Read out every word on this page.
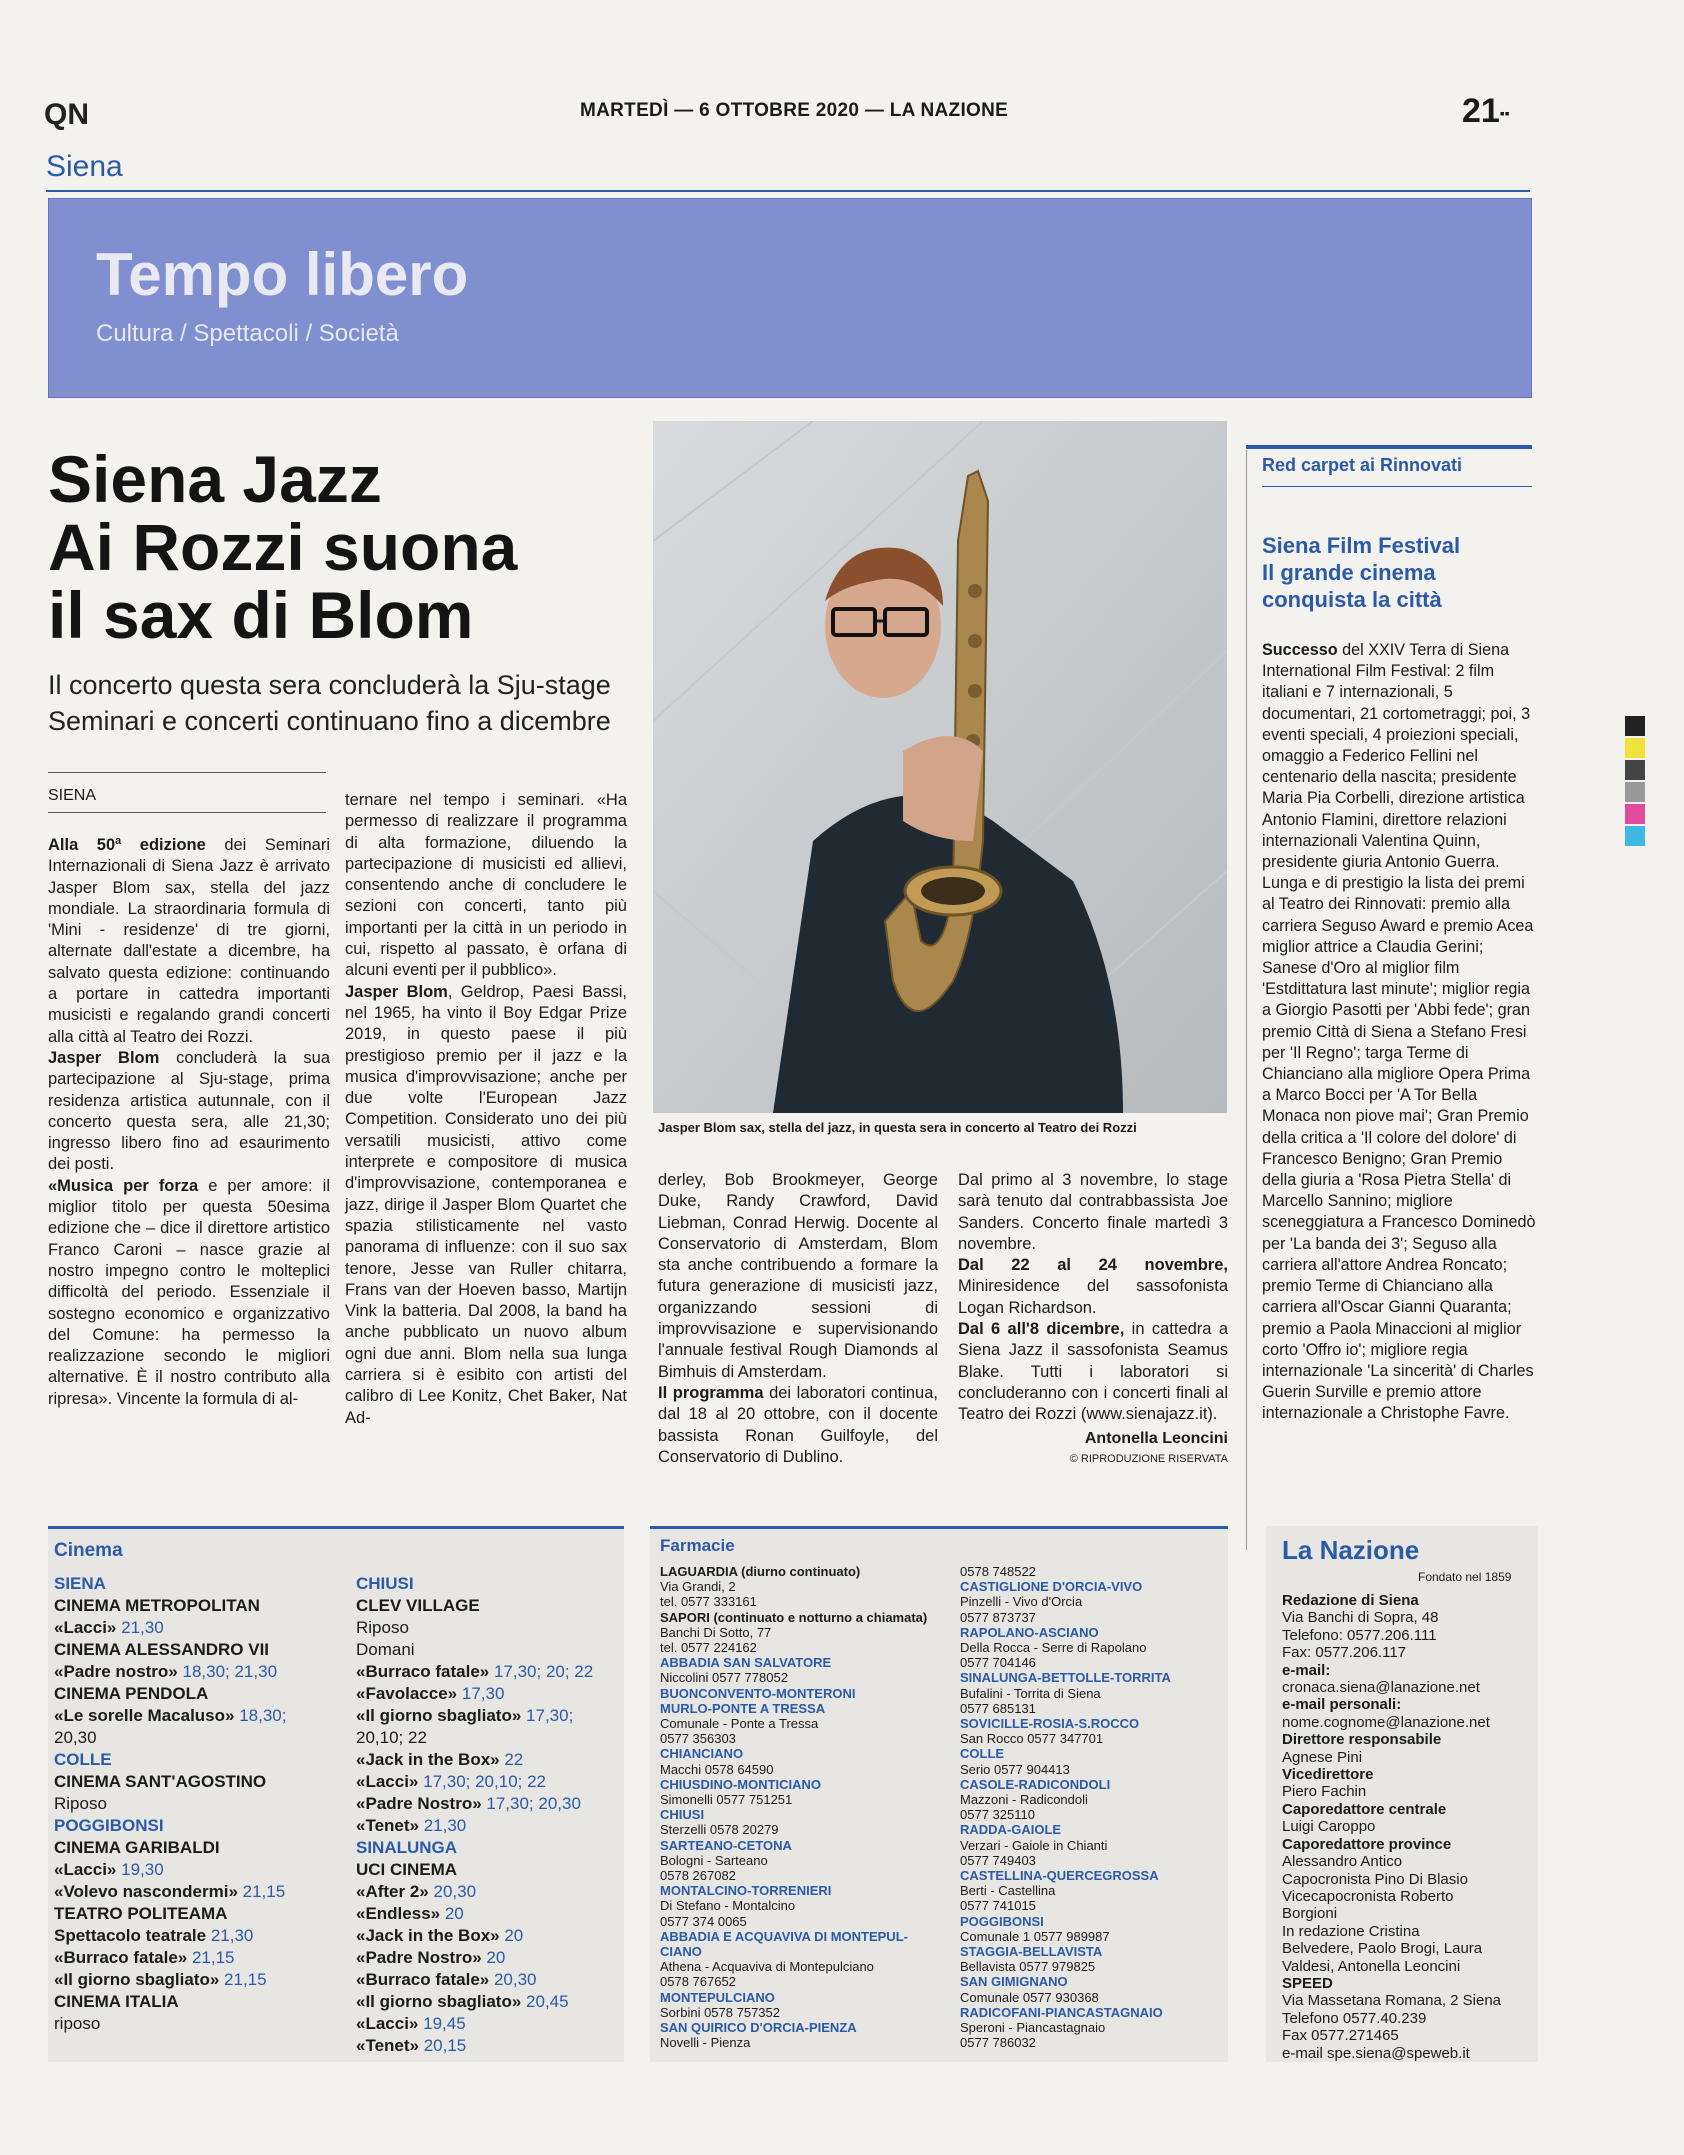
QN	MARTEDÌ — 6 OTTOBRE 2020 — LA NAZIONE	21▪▪
Siena
Tempo libero
Cultura / Spettacoli / Società
Siena Jazz
Ai Rozzi suona
il sax di Blom
Il concerto questa sera concluderà la Sju-stage
Seminari e concerti continuano fino a dicembre
SIENA

Alla 50ª edizione dei Seminari Internazionali di Siena Jazz è arrivato Jasper Blom sax, stella del jazz mondiale. La straordinaria formula di 'Mini - residenze' di tre giorni, alternate dall'estate a dicembre, ha salvato questa edizione: continuando a portare in cattedra importanti musicisti e regalando grandi concerti alla città al Teatro dei Rozzi.

Jasper Blom concluderà la sua partecipazione al Sju-stage, prima residenza artistica autunnale, con il concerto questa sera, alle 21,30; ingresso libero fino ad esaurimento dei posti.

«Musica per forza e per amore: il miglior titolo per questa 50esima edizione che – dice il direttore artistico Franco Caroni – nasce grazie al nostro impegno contro le molteplici difficoltà del periodo. Essenziale il sostegno economico e organizzativo del Comune: ha permesso la realizzazione secondo le migliori alternative. È il nostro contributo alla ripresa». Vincente la formula di al-

ternare nel tempo i seminari. «Ha permesso di realizzare il programma di alta formazione, diluendo la partecipazione di musicisti ed allievi, consentendo anche di concludere le sezioni con concerti, tanto più importanti per la città in un periodo in cui, rispetto al passato, è orfana di alcuni eventi per il pubblico».

Jasper Blom, Geldrop, Paesi Bassi, nel 1965, ha vinto il Boy Edgar Prize 2019, in questo paese il più prestigioso premio per il jazz e la musica d'improvvisazione; anche per due volte l'European Jazz Competition. Considerato uno dei più versatili musicisti, attivo come interprete e compositore di musica d'improvvisazione, contemporanea e jazz, dirige il Jasper Blom Quartet che spazia stilisticamente nel vasto panorama di influenze: con il suo sax tenore, Jesse van Ruller chitarra, Frans van der Hoeven basso, Martijn Vink la batteria. Dal 2008, la band ha anche pubblicato un nuovo album ogni due anni. Blom nella sua lunga carriera si è esibito con artisti del calibro di Lee Konitz, Chet Baker, Nat Ad-

derley, Bob Brookmeyer, George Duke, Randy Crawford, David Liebman, Conrad Herwig. Docente al Conservatorio di Amsterdam, Blom sta anche contribuendo a formare la futura generazione di musicisti jazz, organizzando sessioni di improvvisazione e supervisionando l'annuale festival Rough Diamonds al Bimhuis di Amsterdam.

Il programma dei laboratori continua, dal 18 al 20 ottobre, con il docente bassista Ronan Guilfoyle, del Conservatorio di Dublino.

Dal primo al 3 novembre, lo stage sarà tenuto dal contrabbassista Joe Sanders. Concerto finale martedì 3 novembre.

Dal 22 al 24 novembre, Miniresidence del sassofonista Logan Richardson.

Dal 6 all'8 dicembre, in cattedra a Siena Jazz il sassofonista Seamus Blake. Tutti i laboratori si concluderanno con i concerti finali al Teatro dei Rozzi (www.sienajazz.it).

Antonella Leoncini
© RIPRODUZIONE RISERVATA
Jasper Blom sax, stella del jazz, in questa sera in concerto al Teatro dei Rozzi
Red carpet ai Rinnovati
Siena Film Festival
Il grande cinema
conquista la città
Successo del XXIV Terra di Siena International Film Festival: 2 film italiani e 7 internazionali, 5 documentari, 21 cortometraggi; poi, 3 eventi speciali, 4 proiezioni speciali, omaggio a Federico Fellini nel centenario della nascita; presidente Maria Pia Corbelli, direzione artistica Antonio Flamini, direttore relazioni internazionali Valentina Quinn, presidente giuria Antonio Guerra. Lunga e di prestigio la lista dei premi al Teatro dei Rinnovati: premio alla carriera Seguso Award e premio Acea miglior attrice a Claudia Gerini; Sanese d'Oro al miglior film 'Estdittatura last minute'; miglior regia a Giorgio Pasotti per 'Abbi fede'; gran premio Città di Siena a Stefano Fresi per 'Il Regno'; targa Terme di Chianciano alla migliore Opera Prima a Marco Bocci per 'A Tor Bella Monaca non piove mai'; Gran Premio della critica a 'Il colore del dolore' di Francesco Benigno; Gran Premio della giuria a 'Rosa Pietra Stella' di Marcello Sannino; migliore sceneggiatura a Francesco Dominedò per 'La banda dei 3'; Seguso alla carriera all'attore Andrea Roncato; premio Terme di Chianciano alla carriera all'Oscar Gianni Quaranta; premio a Paola Minaccioni al miglior corto 'Offro io'; migliore regia internazionale 'La sincerità' di Charles Guerin Surville e premio attore internazionale a Christophe Favre.
Cinema
SIENA
CINEMA METROPOLITAN
«Lacci» 21,30
CINEMA ALESSANDRO VII
«Padre nostro» 18,30; 21,30
CINEMA PENDOLA
«Le sorelle Macaluso» 18,30;
20,30
COLLE
CINEMA SANT'AGOSTINO
Riposo
POGGIBONSI
CINEMA GARIBALDI
«Lacci» 19,30
«Volevo nascondermi» 21,15
TEATRO POLITEAMA
Spettacolo teatrale 21,30
«Burraco fatale» 21,15
«Il giorno sbagliato» 21,15
CINEMA ITALIA
riposo
CHIUSI
CLEV VILLAGE
Riposo
Domani
«Burraco fatale» 17,30; 20; 22
«Favolacce» 17,30
«Il giorno sbagliato» 17,30;
20,10; 22
«Jack in the Box» 22
«Lacci» 17,30; 20,10; 22
«Padre Nostro» 17,30; 20,30
«Tenet» 21,30
SINALUNGA
UCI CINEMA
«After 2» 20,30
«Endless» 20
«Jack in the Box» 20
«Padre Nostro» 20
«Burraco fatale» 20,30
«Il giorno sbagliato» 20,45
«Lacci» 19,45
«Tenet» 20,15
Farmacie
LAGUARDIA (diurno continuato)
Via Grandi, 2
tel. 0577 333161
SAPORI (continuato e notturno a chiamata)
Banchi Di Sotto, 77
tel. 0577 224162
ABBADIA SAN SALVATORE
Niccolini 0577 778052
BUONCONVENTO-MONTERONI
MURLO-PONTE A TRESSA
Comunale - Ponte a Tressa
0577 356303
CHIANCIANO
Macchi 0578 64590
CHIUSDINO-MONTICIANO
Simonelli 0577 751251
CHIUSI
Sterzelli 0578 20279
SARTEANO-CETONA
Bologni - Sarteano
0578 267082
MONTALCINO-TORRENIERI
Di Stefano - Montalcino
0577 374 0065
ABBADIA E ACQUAVIVA DI MONTEPUL-
CIANO
Athena - Acquaviva di Montepulciano
0578 767652
MONTEPULCIANO
Sorbini 0578 757352
SAN QUIRICO D'ORCIA-PIENZA
Novelli - Pienza
0578 748522
CASTIGLIONE D'ORCIA-VIVO
Pinzelli - Vivo d'Orcia
0577 873737
RAPOLANO-ASCIANO
Della Rocca - Serre di Rapolano
0577 704146
SINALUNGA-BETTOLLE-TORRITA
Bufalini - Torrita di Siena
0577 685131
SOVICILLE-ROSIA-S.ROCCO
San Rocco 0577 347701
COLLE
Serio 0577 904413
CASOLE-RADICONDOLI
Mazzoni - Radicondoli
0577 325110
RADDA-GAIOLE
Verzari - Gaiole in Chianti
0577 749403
CASTELLINA-QUERCEGROSSA
Berti - Castellina
0577 741015
POGGIBONSI
Comunale 1 0577 989987
STAGGIA-BELLAVISTA
Bellavista 0577 979825
SAN GIMIGNANO
Comunale 0577 930368
RADICOFANI-PIANCASTAGNAIO
Speroni - Piancastagnaio
0577 786032
La Nazione
Fondato nel 1859
Redazione di Siena
Via Banchi di Sopra, 48
Telefono: 0577.206.111
Fax: 0577.206.117
e-mail:
cronaca.siena@lanazione.net
e-mail personali:
nome.cognome@lanazione.net
Direttore responsabile
Agnese Pini
Vicedirettore
Piero Fachin
Caporedattore centrale
Luigi Caroppo
Caporedattore province
Alessandro Antico
Capocronista Pino Di Blasio
Vicecapocronista Roberto
Borgioni
In redazione Cristina
Belvedere, Paolo Brogi, Laura
Valdesi, Antonella Leoncini
SPEED
Via Massetana Romana, 2 Siena
Telefono 0577.40.239
Fax 0577.271465
e-mail spe.siena@speweb.it
